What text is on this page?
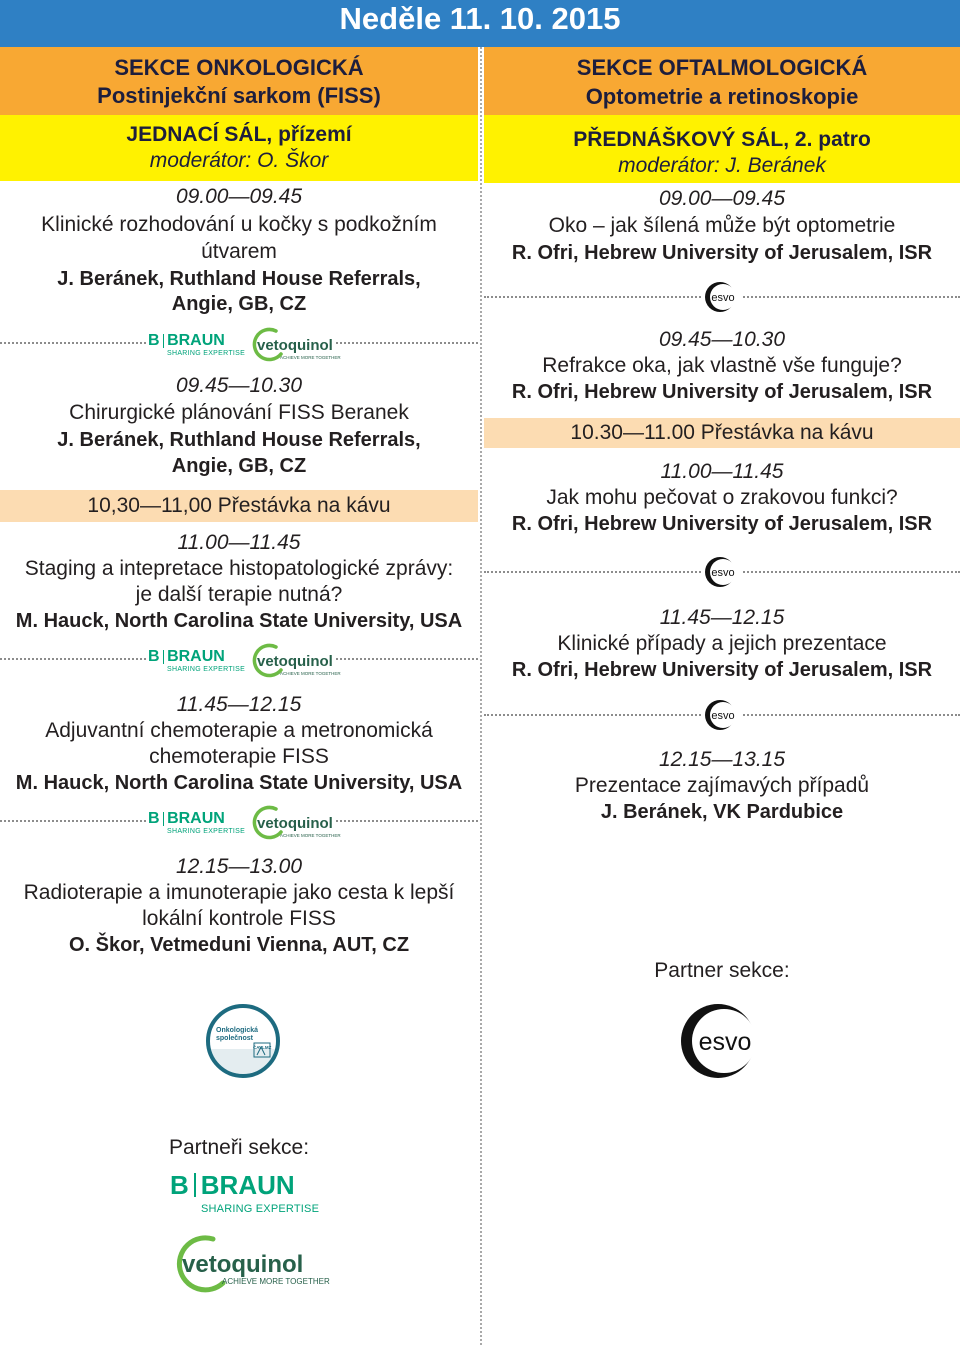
Neděle 11. 10. 2015
SEKCE ONKOLOGICKÁ
Postinjekční sarkom (FISS)
JEDNACÍ SÁL, přízemí
moderátor: O. Škor
09.00—09.45
Klinické rozhodování u kočky s podkožním
útvarem
J. Beránek, Ruthland House Referrals,
Angie, GB, CZ
B BRAUN
SHARING EXPERTISE vetoquinol
ACHIEVE MORE TOGETHER
09.45—10.30
Chirurgické plánování FISS Beranek
J. Beránek, Ruthland House Referrals,
Angie, GB, CZ
10,30—11,00 Přestávka na kávu
11.00—11.45
Staging a intepretace histopatologické zprávy:
je další terapie nutná?
M. Hauck, North Carolina State University, USA
B BRAUN
SHARING EXPERTISE vetoquinol
ACHIEVE MORE TOGETHER
11.45—12.15
Adjuvantní chemoterapie a metronomická
chemoterapie FISS
M. Hauck, North Carolina State University, USA
B BRAUN
SHARING EXPERTISE vetoquinol
ACHIEVE MORE TOGETHER
12.15—13.00
Radioterapie a imunoterapie jako cesta k lepší
lokální kontrole FISS
O. Škor, Vetmeduni Vienna, AUT, CZ
Onkologická
společnost
ČAVLMZ
Partneři sekce:
B BRAUN
SHARING EXPERTISE
vetoquinol
ACHIEVE MORE TOGETHER
SEKCE OFTALMOLOGICKÁ
Optometrie a retinoskopie
PŘEDNÁŠKOVÝ SÁL, 2. patro
moderátor: J. Beránek
09.00—09.45
Oko – jak šílená může být optometrie
R. Ofri, Hebrew University of Jerusalem, ISR
esvo
09.45—10.30
Refrakce oka, jak vlastně vše funguje?
R. Ofri, Hebrew University of Jerusalem, ISR
10.30—11.00 Přestávka na kávu
11.00—11.45
Jak mohu pečovat o zrakovou funkci?
R. Ofri, Hebrew University of Jerusalem, ISR
esvo
11.45—12.15
Klinické případy a jejich prezentace
R. Ofri, Hebrew University of Jerusalem, ISR
esvo
12.15—13.15
Prezentace zajímavých případů
J. Beránek, VK Pardubice
Partner sekce:
esvo
